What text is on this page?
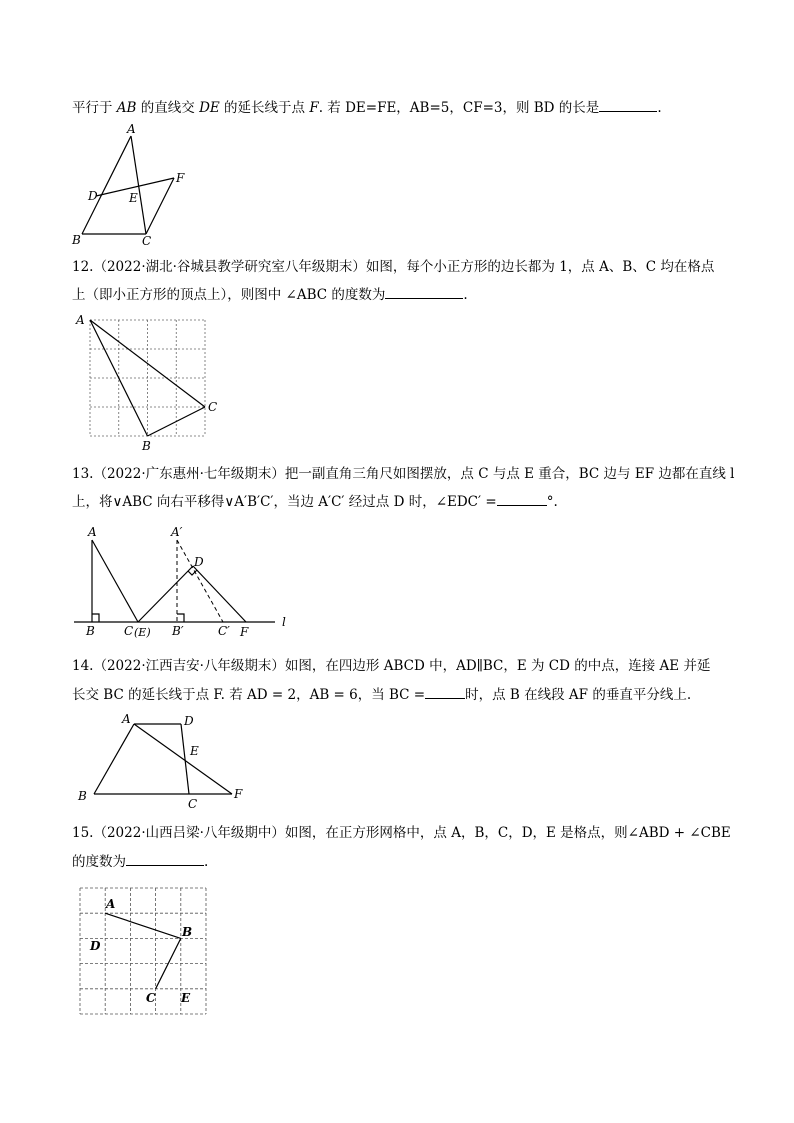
平行于 AB 的直线交 DE 的延长线于点 F. 若 DE=FE，AB=5，CF=3，则 BD 的长是	.
A
B	C
D	E
F
12.（2022·湖北·谷城县教学研究室八年级期末）如图，每个小正方形的边长都为 1，点 A、B、C 均在格点
上（即小正方形的顶点上），则图中 ∠ABC 的度数为	.
A
B
C
13.（2022·广东惠州·七年级期末）把一副直角三角尺如图摆放，点 C 与点 E 重合，BC 边与 EF 边都在直线 l
上，将∨ABC 向右平移得∨A′B′C′，当边 A′C′ 经过点 D 时，∠EDC′ =	°.
A	A′
D
B C (E) B′	C′ F
l
14.（2022·江西吉安·八年级期末）如图，在四边形 ABCD 中，AD∥BC，E 为 CD 的中点，连接 AE 并延
长交 BC 的延长线于点 F. 若 AD = 2，AB = 6，当 BC =	时，点 B 在线段 AF 的垂直平分线上.
A	D
E
B
C
F
15.（2022·山西吕梁·八年级期中）如图，在正方形网格中，点 A，B，C，D，E 是格点，则∠ABD + ∠CBE
的度数为	.
A
B
D
C E
